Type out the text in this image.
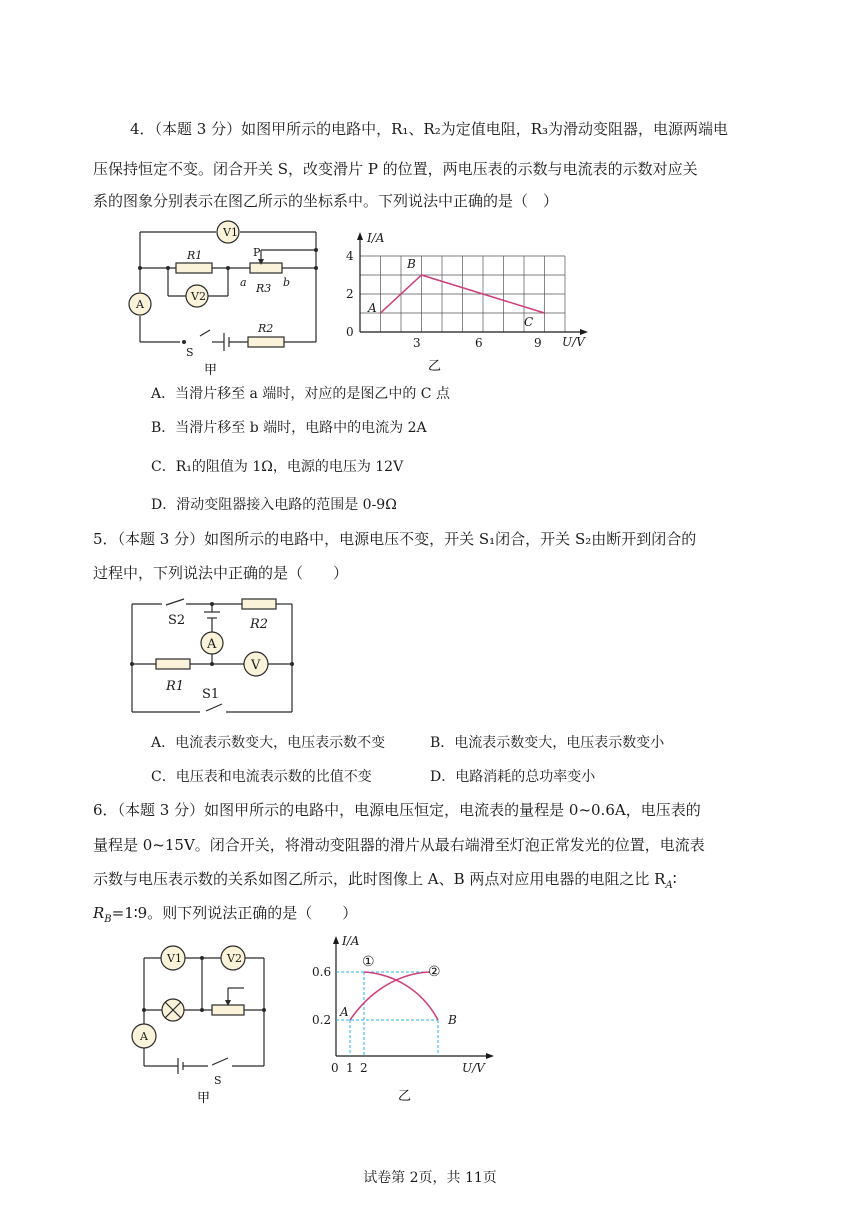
4．（本题 3 分）如图甲所示的电路中，R₁、R₂为定值电阻，R₃为滑动变阻器，电源两端电
压保持恒定不变。闭合开关 S，改变滑片 P 的位置，两电压表的示数与电流表的示数对应关
系的图象分别表示在图乙所示的坐标系中。下列说法中正确的是（　）
V1
V2
A
R1
R3
R2
P
a	b
S
甲
I/A
U/V
4
2
0
3	6	9
A
B
C
乙
A．当滑片移至 a 端时，对应的是图乙中的 C 点
B．当滑片移至 b 端时，电路中的电流为 2A
C．R₁的阻值为 1Ω，电源的电压为 12V
D．滑动变阻器接入电路的范围是 0-9Ω
5．（本题 3 分）如图所示的电路中，电源电压不变，开关 S₁闭合，开关 S₂由断开到闭合的
过程中，下列说法中正确的是（　　）
S2	R2
A
V
R1
S1
A．电流表示数变大，电压表示数不变	B．电流表示数变大，电压表示数变小
C．电压表和电流表示数的比值不变	D．电路消耗的总功率变小
6．（本题 3 分）如图甲所示的电路中，电源电压恒定，电流表的量程是 0~0.6A，电压表的
量程是 0~15V。闭合开关，将滑动变阻器的滑片从最右端滑至灯泡正常发光的位置，电流表
示数与电压表示数的关系如图乙所示，此时图像上 A、B 两点对应用电器的电阻之比 $R_A∶$
$R_B=1∶9$。则下列说法正确的是（　　）
V1	V2
A
S
甲
I/A
U/V
0.6
0.2
0 1 2
①
②
A
B
乙
试卷第 2页，共 11页
